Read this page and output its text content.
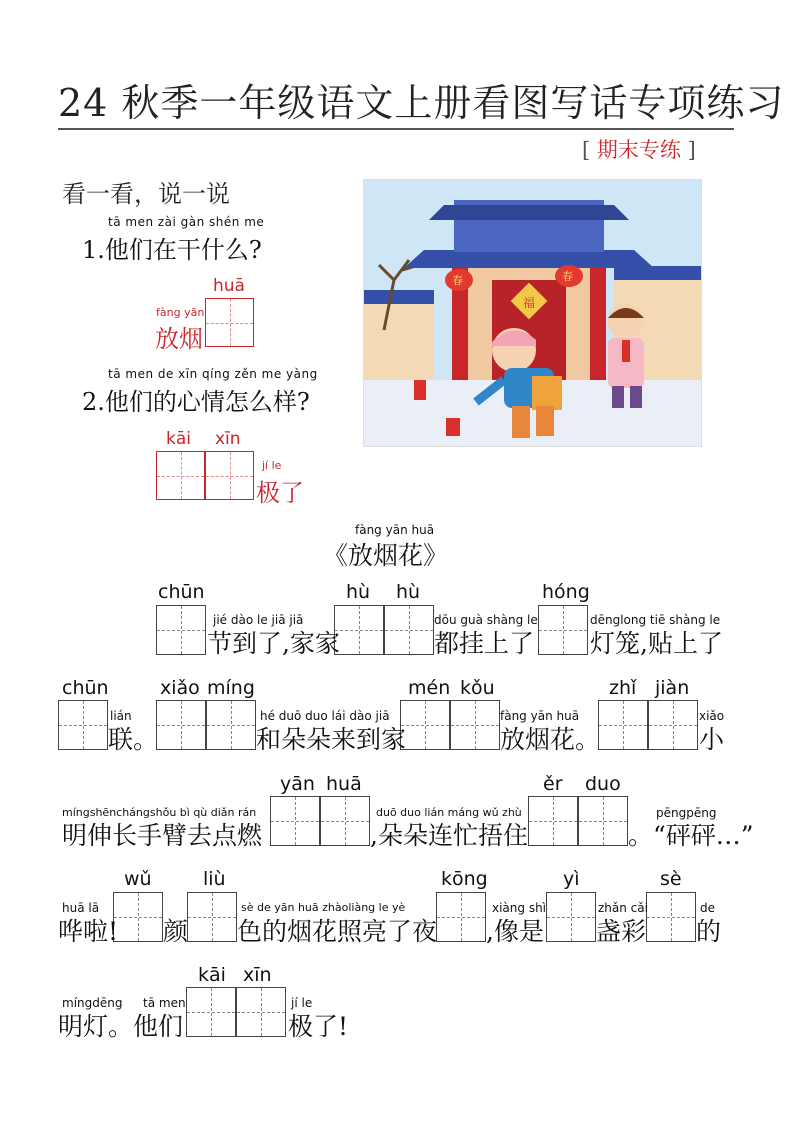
24 秋季一年级语文上册看图写话专项练习
[ 期末专练 ]
看一看，说一说
tā men zài gàn shén me
1.他们在干什么?
huā
fàng yān
放烟
tā men de xīn qíng zěn me yàng
2.他们的心情怎么样?
kāi xīn
jí le
极了
福
春	春
fàng yān huā
《放烟花》
chūn	hù hù	hóng
jié dào le jiā jiā	dōu guà shàng le	dēnglong tiē shàng le
节到了,家家	都挂上了 灯笼,贴上了
chūn	xiǎo míng	mén kǒu	zhǐ jiàn
lián	hé duō duo lái dào jiā	fàng yān huā	xiǎo
联。	和朵朵来到家	放烟花。	小
yān huā	ěr duo
míngshēnchángshǒu bì qù diǎn rán	duō duo lián máng wǔ zhù	pēngpēng
明伸长手臂去点燃	,朵朵连忙捂住	。“砰砰…”
wǔ	liù	kōng	yì	sè
huā lā	sè de yān huā zhàoliàng le yè	xiàng shì	zhǎn cǎi	de
哗啦! 颜 色的烟花照亮了夜 ,像是 盏彩 的
kāi xīn
míngdēng tā men	jí le
明灯。他们	极了!
